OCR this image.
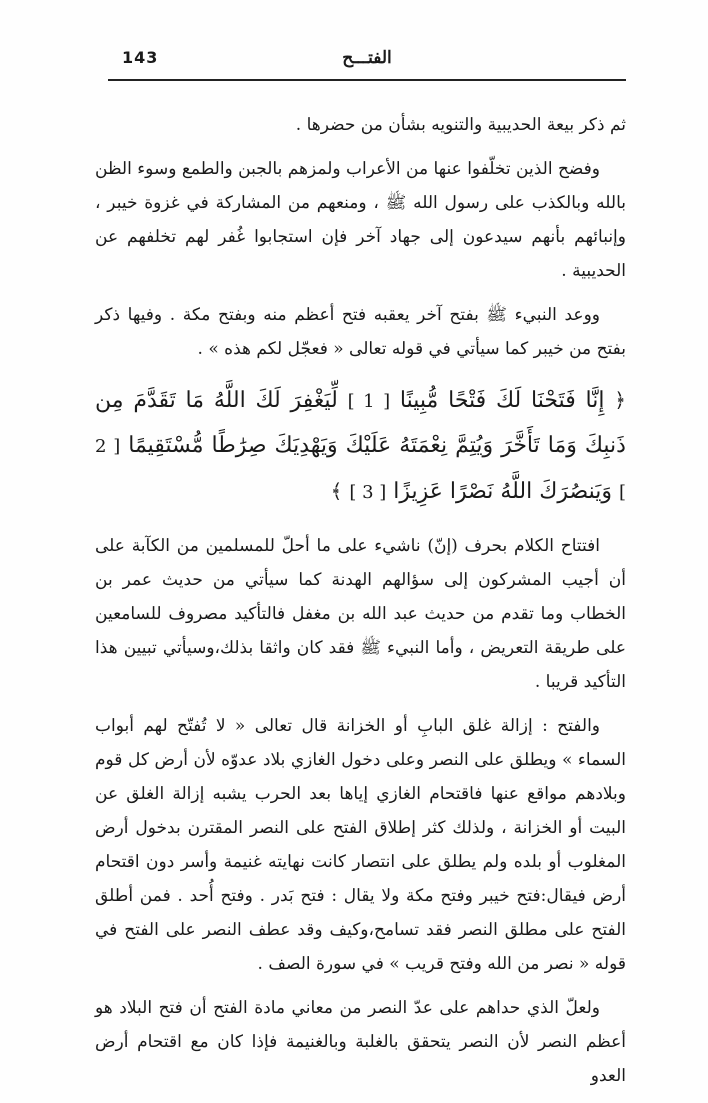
143	الفتـــح

ثم ذكر بيعة الحديبية والتنويه بشأن من حضرها .

وفضح الذين تخلّفوا عنها من الأعراب ولمزهم بالجبن والطمع وسوء الظن بالله وبالكذب على رسول الله ﷺ ، ومنعهم من المشاركة في غزوة خيبر ، وإنبائهم بأنهم سيدعون إلى جهاد آخر فإن استجابوا غُفر لهم تخلفهم عن الحديبية .

ووعد النبيء ﷺ بفتح آخر يعقبه فتح أعظم منه وبفتح مكة . وفيها ذكر بفتح من خيبر كما سيأتي في قوله تعالى « فعجّل لكم هذه » .

﴿ إِنَّا فَتَحْنَا لَكَ فَتْحًا مُّبِينًا [ 1 ] لِّيَغْفِرَ لَكَ اللَّهُ مَا تَقَدَّمَ مِن ذَنبِكَ وَمَا تَأَخَّرَ وَيُتِمَّ نِعْمَتَهُ عَلَيْكَ وَيَهْدِيَكَ صِرَٰطًا مُّسْتَقِيمًا [ 2 ] وَيَنصُرَكَ اللَّهُ نَصْرًا عَزِيزًا [ 3 ] ﴾

افتتاح الكلام بحرف (إنّ) ناشيء على ما أحلّ للمسلمين من الكآبة على أن أجيب المشركون إلى سؤالهم الهدنة كما سيأتي من حديث عمر بن الخطاب وما تقدم من حديث عبد الله بن مغفل فالتأكيد مصروف للسامعين على طريقة التعريض ، وأما النبيء ﷺ فقد كان واثقا بذلك،وسيأتي تبيين هذا التأكيد قريبا .

والفتح : إزالة غلق البابِ أو الخزانة قال تعالى « لا تُفتّح لهم أبواب السماء » ويطلق على النصر وعلى دخول الغازي بلاد عدوّه لأن أرض كل قوم وبلادهم مواقع عنها فاقتحام الغازي إياها بعد الحرب يشبه إزالة الغلق عن البيت أو الخزانة ، ولذلك كثر إطلاق الفتح على النصر المقترن بدخول أرض المغلوب أو بلده ولم يطلق على انتصار كانت نهايته غنيمة وأسر دون اقتحام أرض فيقال:فتح خيبر وفتح مكة ولا يقال : فتح بَدر . وفتح أُحد . فمن أطلق الفتح على مطلق النصر فقد تسامح،وكيف وقد عطف النصر على الفتح في قوله « نصر من الله وفتح قريب » في سورة الصف .

ولعلّ الذي حداهم على عدّ النصر من معاني مادة الفتح أن فتح البلاد هو أعظم النصر لأن النصر يتحقق بالغلبة وبالغنيمة فإذا كان مع اقتحام أرض العدو
